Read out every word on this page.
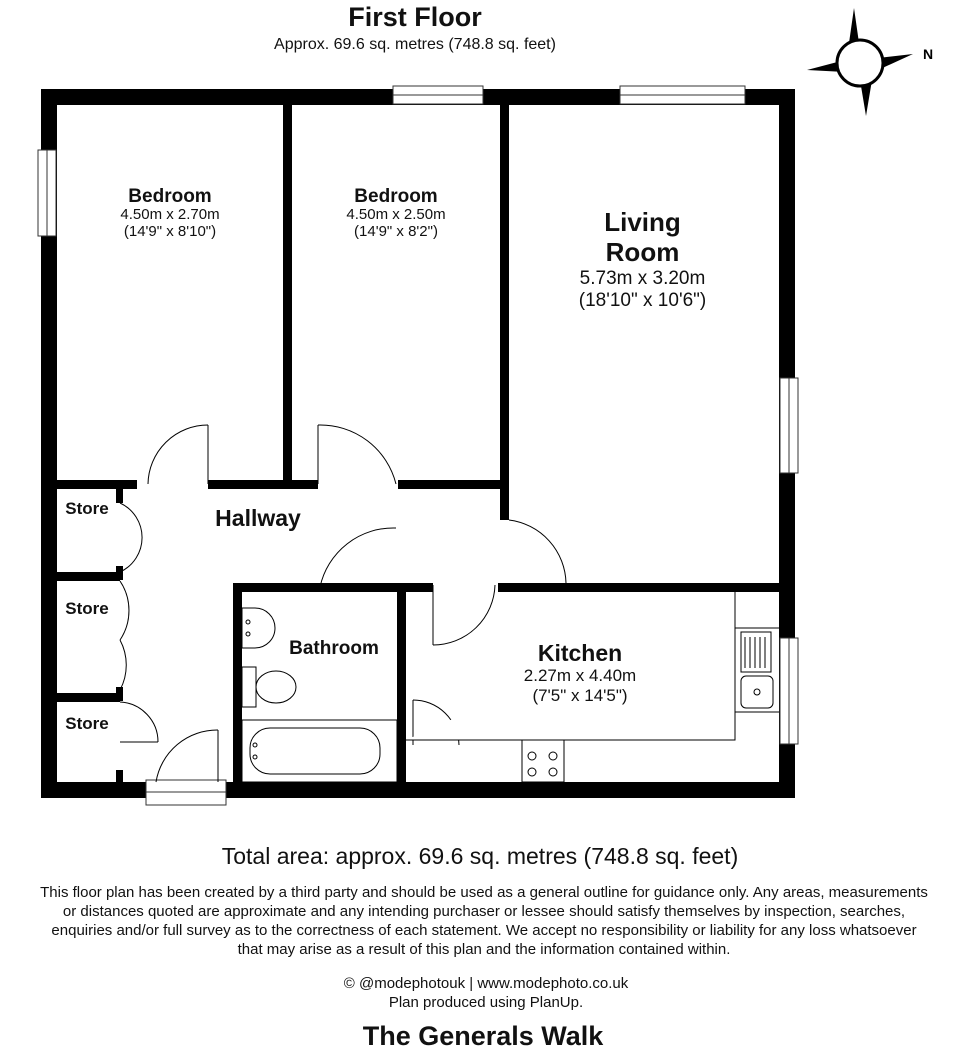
First Floor
Approx. 69.6 sq. metres (748.8 sq. feet)
N
Bedroom
4.50m x 2.70m
(14'9" x 8'10")
Bedroom
4.50m x 2.50m
(14'9" x 8'2")	Living
Room
5.73m x 3.20m
(18'10" x 10'6")
Kitchen
2.27m x 4.40m
(7'5" x 14'5")
Bathroom
Hallway
Store
Store
Store
Total area: approx. 69.6 sq. metres (748.8 sq. feet)
This floor plan has been created by a third party and should be used as a general outline for guidance only. Any areas, measurements
or distances quoted are approximate and any intending purchaser or lessee should satisfy themselves by inspection, searches,
enquiries and/or full survey as to the correctness of each statement. We accept no responsibility or liability for any loss whatsoever
that may arise as a result of this plan and the information contained within.
© @modephotouk | www.modephoto.co.uk
Plan produced using PlanUp.
The Generals Walk
